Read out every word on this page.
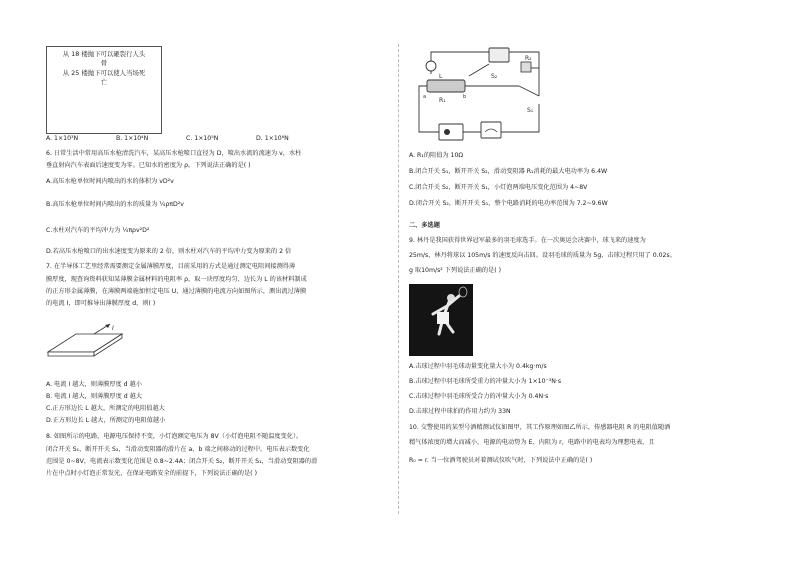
从 18 楼抛下可以砸裂行人头
骨
从 25 楼抛下可以使人当场死
亡
A. 1×10³N	B. 1×10⁴N	C. 1×10⁵N	D. 1×10⁶N
6. 日常生活中常用高压水枪清洗汽车，某高压水枪喷口直径为 D，喷出水流的流速为 v，水柱
垂直射向汽车表面后速度变为零。已知水的密度为 ρ。下列说法正确的是( )
A.高压水枪单位时间内喷出的水的体积为 vD²v
B.高压水枪单位时间内喷出的水的质量为 ¼ρπD²v
C.水柱对汽车的平均冲力为 ¼πρv²D²
D.若高压水枪喷口的出水速度变为原来的 2 倍，则水柱对汽车的平均冲力变为原来的 2 倍
7. 在半导体工艺里经常需要测定金属薄膜厚度，目前采用的方式是通过测定电阻间接测得薄
膜厚度，现查询资料获知某薄膜金属材料的电阻率 ρ，取一块厚度均匀、边长为 L 的该材料制成
的正方形金属薄膜，在薄膜两端施加恒定电压 U，通过薄膜的电流方向如图所示，测出流过薄膜
的电流 I，即可推导出薄膜厚度 d，则( )
I
A. 电流 I 越大，则薄膜厚度 d 越小
B. 电流 I 越大，则薄膜厚度 d 越大
C.正方形边长 L 越大，所测定的电阻值越大
D.正方形边长 L 越大，所测定的电阻值越小
8. 如图所示的电路，电源电压保持不变，小灯泡额定电压为 8V（小灯泡电阻不随温度变化）。
闭合开关 S₁，断开开关 S₂，当滑动变阻器的滑片在 a、b 端之间移动的过程中，电压表示数变化
范围是 0~8V，电流表示数变化范围是 0.8~2.4A；闭合开关 S₂，断开开关 S₁，当滑动变阻器的滑
片在中点时小灯泡正常发光，在保证电路安全的前提下，下列说法正确的是( )
L
R₂
a R₁	b
S₂
S₁
A. R₁的阻值为 10Ω
B.闭合开关 S₁，断开开关 S₂，滑动变阻器 R₁消耗的最大电功率为 6.4W
C.闭合开关 S₂，断开开关 S₁，小灯泡两端电压变化范围为 4~8V
D.闭合开关 S₂，断开开关 S₁，整个电路消耗的电功率范围为 7.2~9.6W
二、多选题
9. 林丹是我国获得世界冠军最多的羽毛球选手。在一次奥运会决赛中，球飞来的速度为
25m/s，林丹将球以 105m/s 的速度反向击回。设羽毛球的质量为 5g，击球过程只用了 0.02s。
g 取10m/s² 下列说法正确的是( )
A.击球过程中羽毛球动量变化量大小为 0.4kg·m/s
B.击球过程中羽毛球所受重力的冲量大小为 1×10⁻³N·s
C.击球过程中羽毛球所受合力的冲量大小为 0.4N·s
D.击球过程中球拍的作用力约为 33N
10. 交警使用的某型号酒精测试仪如图甲，其工作原理如图乙所示，传感器电阻 R 的电阻值随酒
精气体浓度的增大而减小，电源的电动势为 E、内阻为 r，电路中的电表均为理想电表，且
R₀ = r. 当一位酒驾驶员对着测试仪吹气时，下列说法中正确的是( )
